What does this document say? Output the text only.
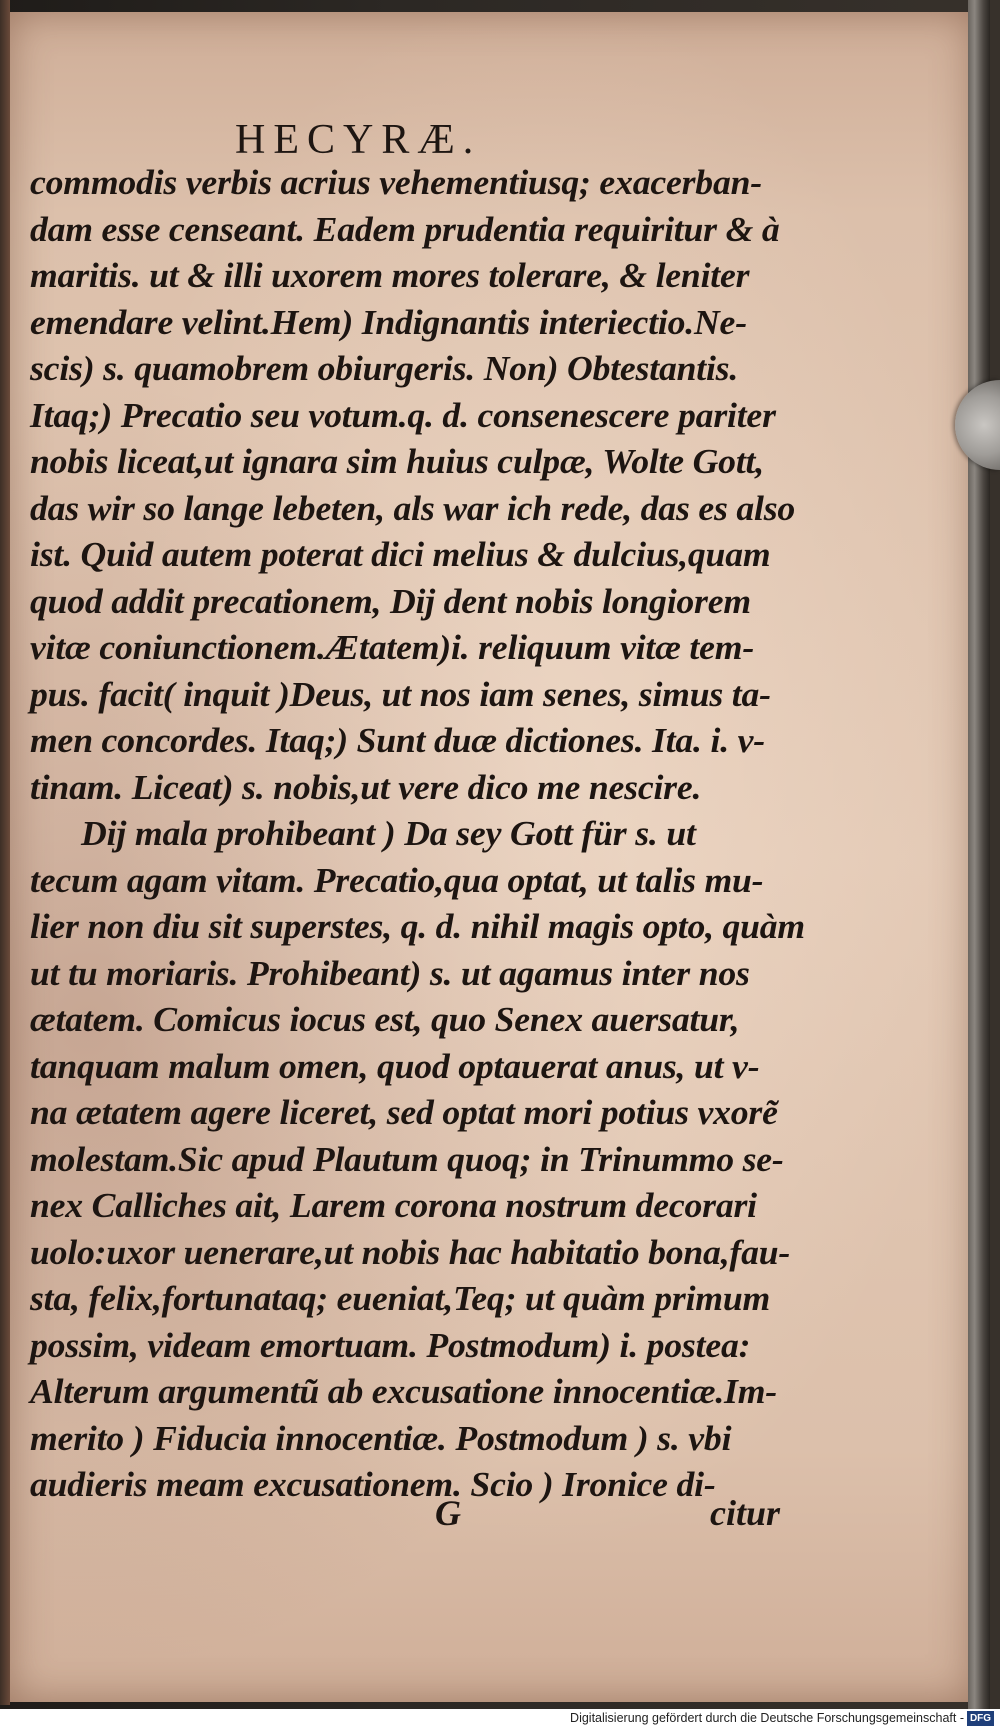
HECYRÆ.
commodis verbis acrius vehementiusq; exacerban-
dam esse censeant. Eadem prudentia requiritur & à
maritis. ut & illi uxorem mores tolerare, & leniter
emendare velint.Hem) Indignantis interiectio.Ne-
scis) s. quamobrem obiurgeris. Non) Obtestantis.
Itaq;) Precatio seu votum.q. d. consenescere pariter
nobis liceat,ut ignara sim huius culpæ, Wolte Gott,
das wir so lange lebeten, als war ich rede, das es also
ist. Quid autem poterat dici melius & dulcius,quam
quod addit precationem, Dij dent nobis longiorem
vitæ coniunctionem.Ætatem)i. reliquum vitæ tem-
pus. facit( inquit )Deus, ut nos iam senes, simus ta-
men concordes. Itaq;) Sunt duæ dictiones. Ita. i. v-
tinam. Liceat) s. nobis,ut vere dico me nescire.
Dij mala prohibeant ) Da sey Gott für s. ut
tecum agam vitam. Precatio,qua optat, ut talis mu-
lier non diu sit superstes, q. d. nihil magis opto, quàm
ut tu moriaris. Prohibeant) s. ut agamus inter nos
ætatem. Comicus iocus est, quo Senex auersatur,
tanquam malum omen, quod optauerat anus, ut v-
na ætatem agere liceret, sed optat mori potius vxorẽ
molestam.Sic apud Plautum quoq; in Trinummo se-
nex Calliches ait, Larem corona nostrum decorari
uolo:uxor uenerare,ut nobis hac habitatio bona,fau-
sta, felix,fortunataq; eueniat,Teq; ut quàm primum
possim, videam emortuam. Postmodum) i. postea:
Alterum argumentũ ab excusatione innocentiæ.Im-
merito ) Fiducia innocentiæ. Postmodum ) s. vbi
audieris meam excusationem. Scio ) Ironice di-
G	citur
Digitalisierung gefördert durch die Deutsche Forschungsgemeinschaft - DFG
